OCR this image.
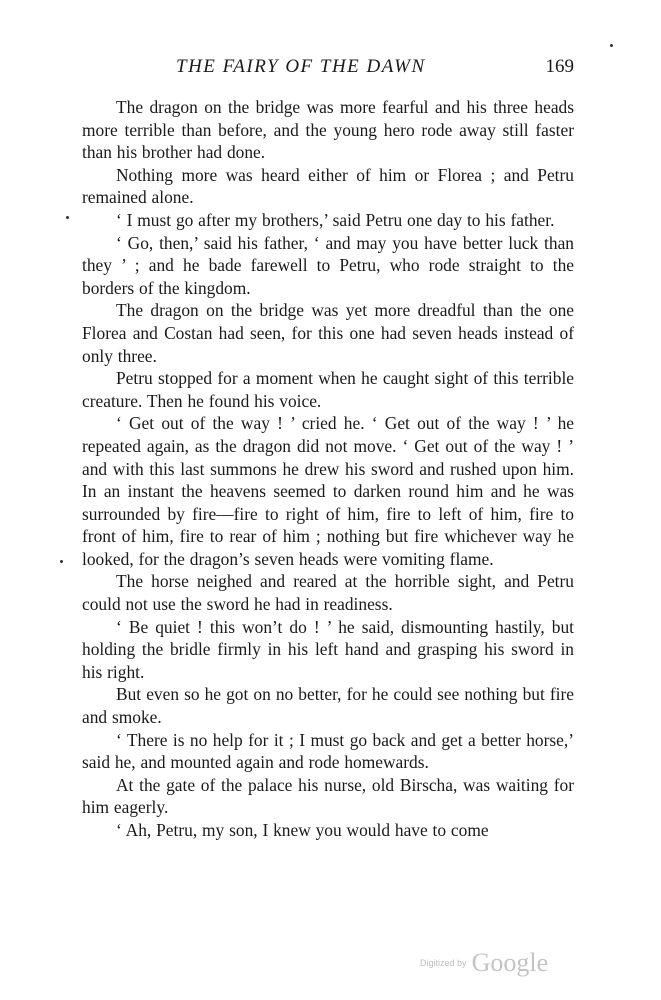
THE FAIRY OF THE DAWN	169

The dragon on the bridge was more fearful and his three heads more terrible than before, and the young hero rode away still faster than his brother had done.

Nothing more was heard either of him or Florea ; and Petru remained alone.

‘ I must go after my brothers,’ said Petru one day to his father.

‘ Go, then,’ said his father, ‘ and may you have better luck than they ’ ; and he bade farewell to Petru, who rode straight to the borders of the kingdom.

The dragon on the bridge was yet more dreadful than the one Florea and Costan had seen, for this one had seven heads instead of only three.

Petru stopped for a moment when he caught sight of this terrible creature. Then he found his voice.

‘ Get out of the way ! ’ cried he. ‘ Get out of the way ! ’ he repeated again, as the dragon did not move. ‘ Get out of the way ! ’ and with this last summons he drew his sword and rushed upon him. In an instant the heavens seemed to darken round him and he was surrounded by fire—fire to right of him, fire to left of him, fire to front of him, fire to rear of him ; nothing but fire whichever way he looked, for the dragon’s seven heads were vomiting flame.

The horse neighed and reared at the horrible sight, and Petru could not use the sword he had in readiness.

‘ Be quiet ! this won’t do ! ’ he said, dismounting hastily, but holding the bridle firmly in his left hand and grasping his sword in his right.

But even so he got on no better, for he could see nothing but fire and smoke.

‘ There is no help for it ; I must go back and get a better horse,’ said he, and mounted again and rode homewards.

At the gate of the palace his nurse, old Birscha, was waiting for him eagerly.

‘ Ah, Petru, my son, I knew you would have to come

Digitized by Google
